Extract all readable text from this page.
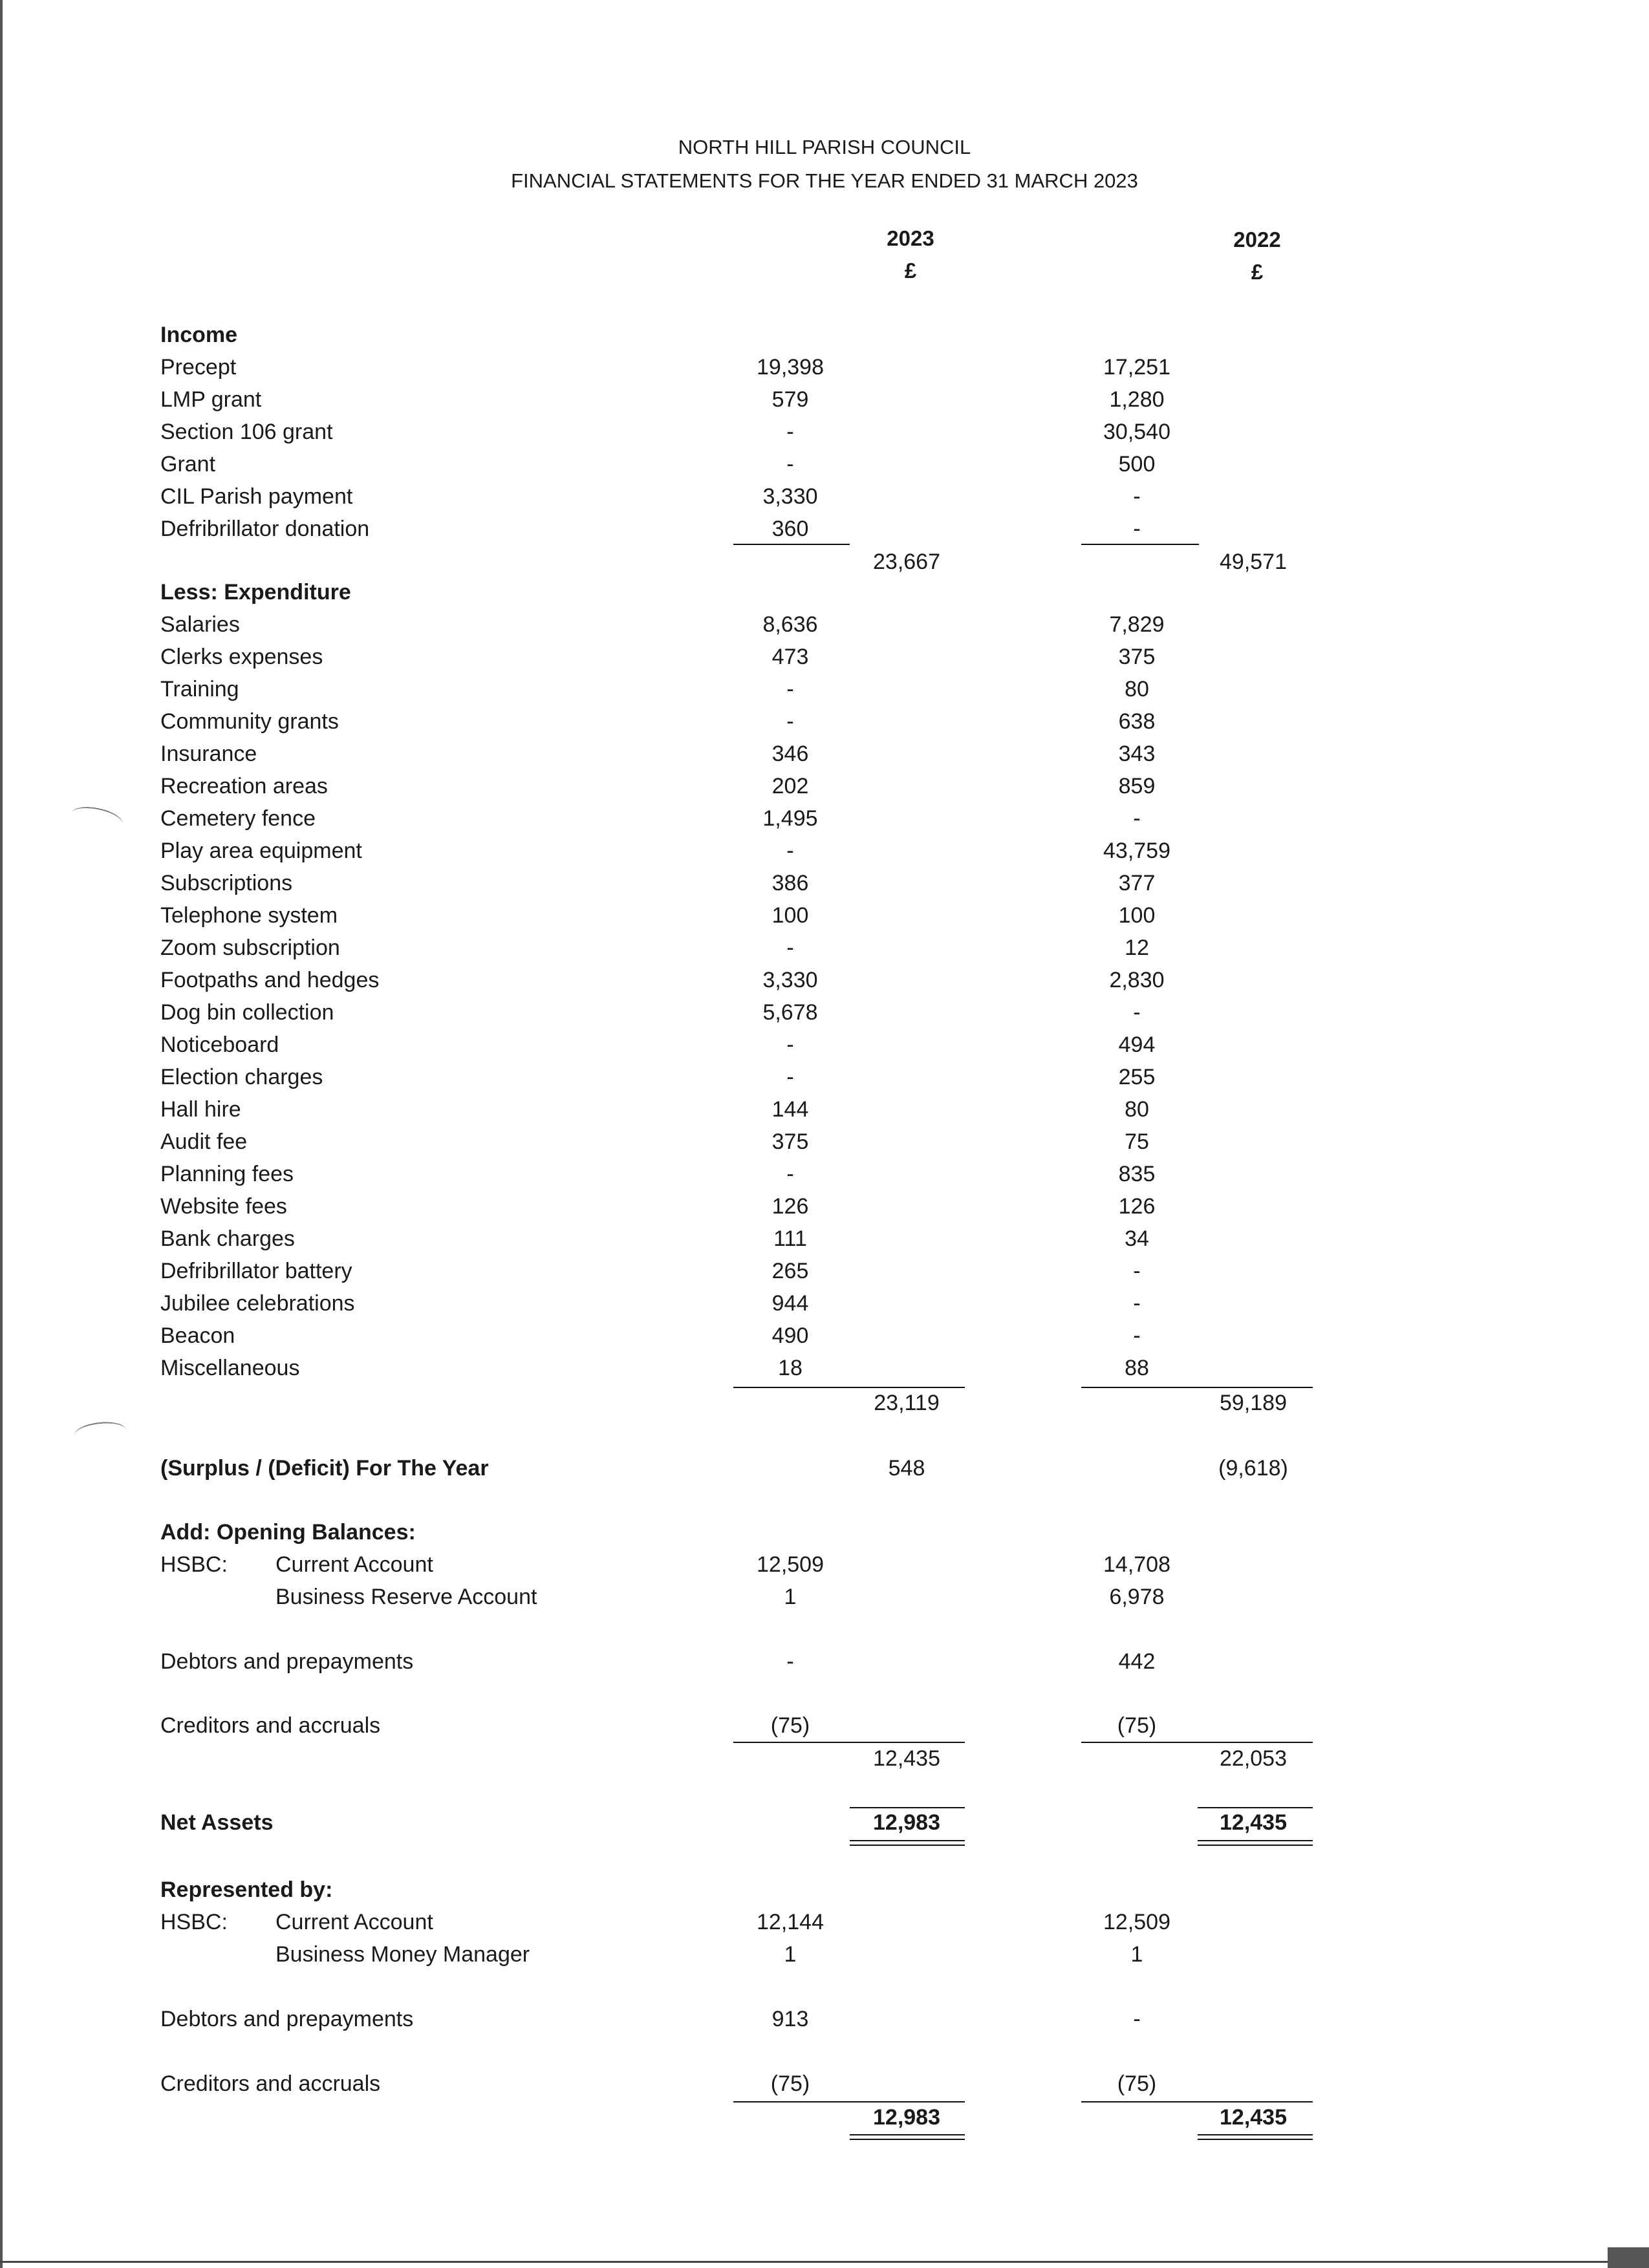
NORTH HILL PARISH COUNCIL
FINANCIAL STATEMENTS FOR THE YEAR ENDED 31 MARCH 2023
2023
£
2022
£
Income
Precept	19,398	17,251
LMP grant	579	1,280
Section 106 grant	-	30,540
Grant	-	500
CIL Parish payment	3,330	-
Defribrillator donation	360	-
23,667	49,571
Less: Expenditure
Salaries	8,636	7,829
Clerks expenses	473	375
Training	-	80
Community grants	-	638
Insurance	346	343
Recreation areas	202	859
Cemetery fence	1,495	-
Play area equipment	-	43,759
Subscriptions	386	377
Telephone system	100	100
Zoom subscription	-	12
Footpaths and hedges	3,330	2,830
Dog bin collection	5,678	-
Noticeboard	-	494
Election charges	-	255
Hall hire	144	80
Audit fee	375	75
Planning fees	-	835
Website fees	126	126
Bank charges	111	34
Defribrillator battery	265	-
Jubilee celebrations	944	-
Beacon	490	-
Miscellaneous	18	88
23,119	59,189
(Surplus / (Deficit) For The Year	548	(9,618)
Add: Opening Balances:
HSBC: Current Account	12,509	14,708
Business Reserve Account	1	6,978
Debtors and prepayments	-	442
Creditors and accruals	(75)	(75)
12,435	22,053
Net Assets	12,983	12,435
Represented by:
HSBC: Current Account	12,144	12,509
Business Money Manager	1	1
Debtors and prepayments	913	-
Creditors and accruals	(75)	(75)
12,983	12,435
